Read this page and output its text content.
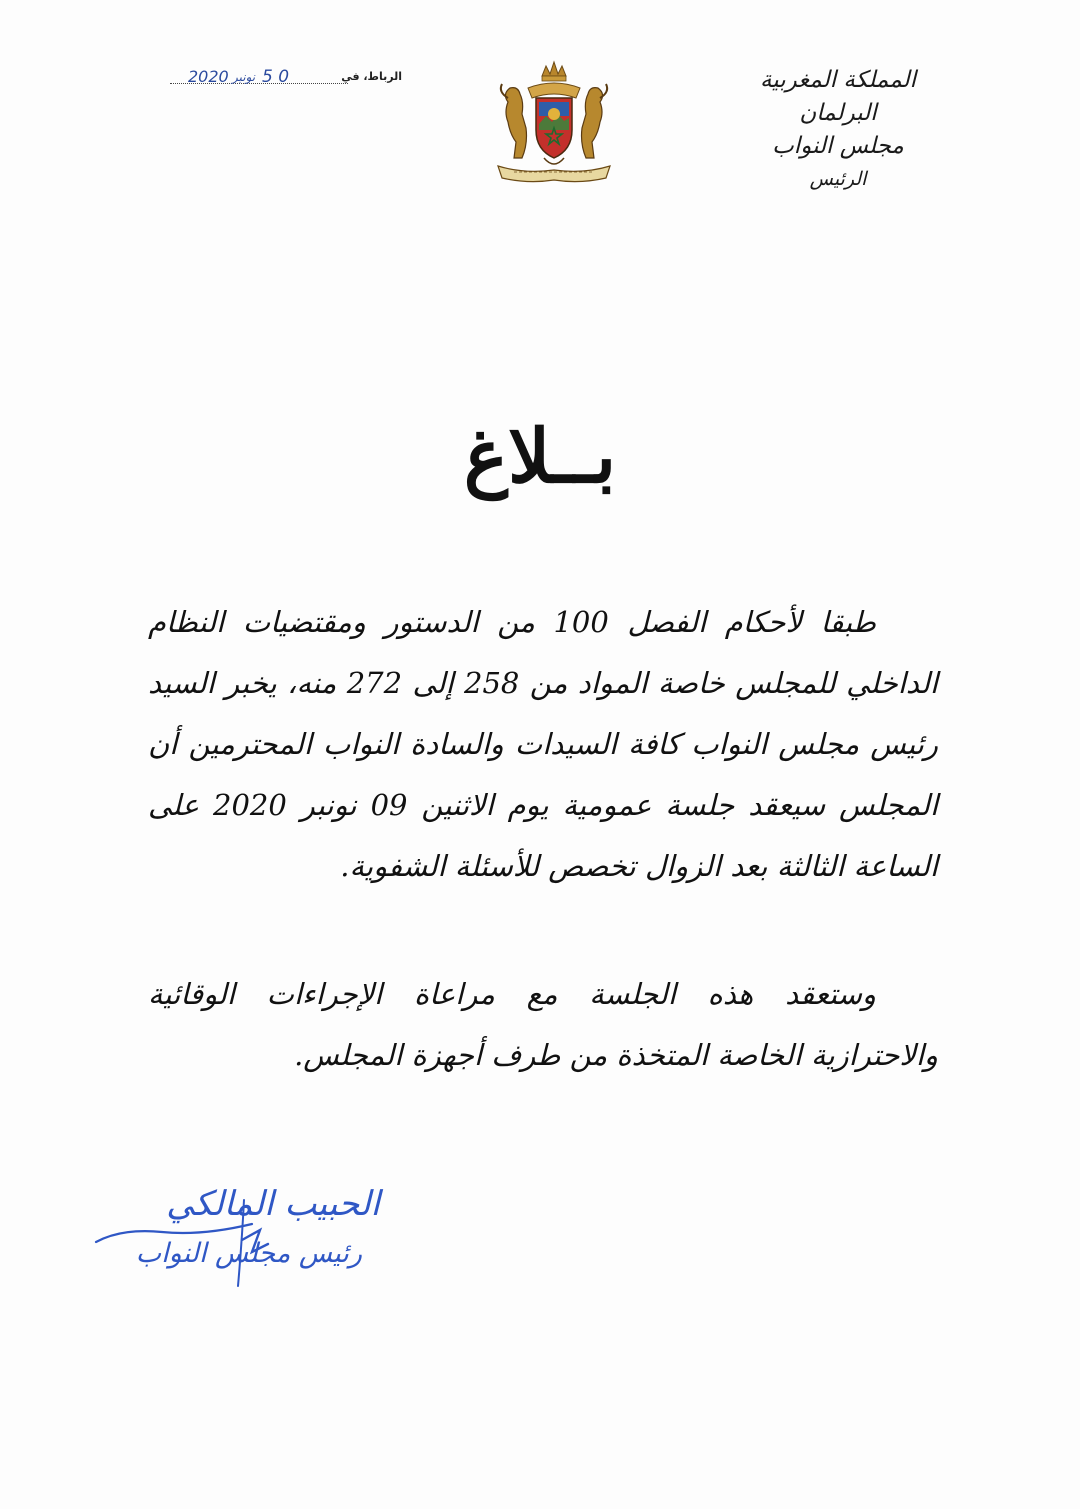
المملكة المغربية
البرلمان
مجلس النواب
الرئيس
الرباط، في
0 5
نونبر
2020
بــلاغ

طبقا لأحكام الفصل 100 من الدستور ومقتضيات النظام الداخلي للمجلس خاصة المواد من 258 إلى 272 منه، يخبر السيد رئيس مجلس النواب كافة السيدات والسادة النواب المحترمين أن المجلس سيعقد جلسة عمومية يوم الاثنين 09 نونبر 2020 على الساعة الثالثة بعد الزوال تخصص للأسئلة الشفوية.

وستعقد هذه الجلسة مع مراعاة الإجراءات الوقائية والاحترازية الخاصة المتخذة من طرف أجهزة المجلس.

الحبيب المالكي
رئيس مجلس النواب
